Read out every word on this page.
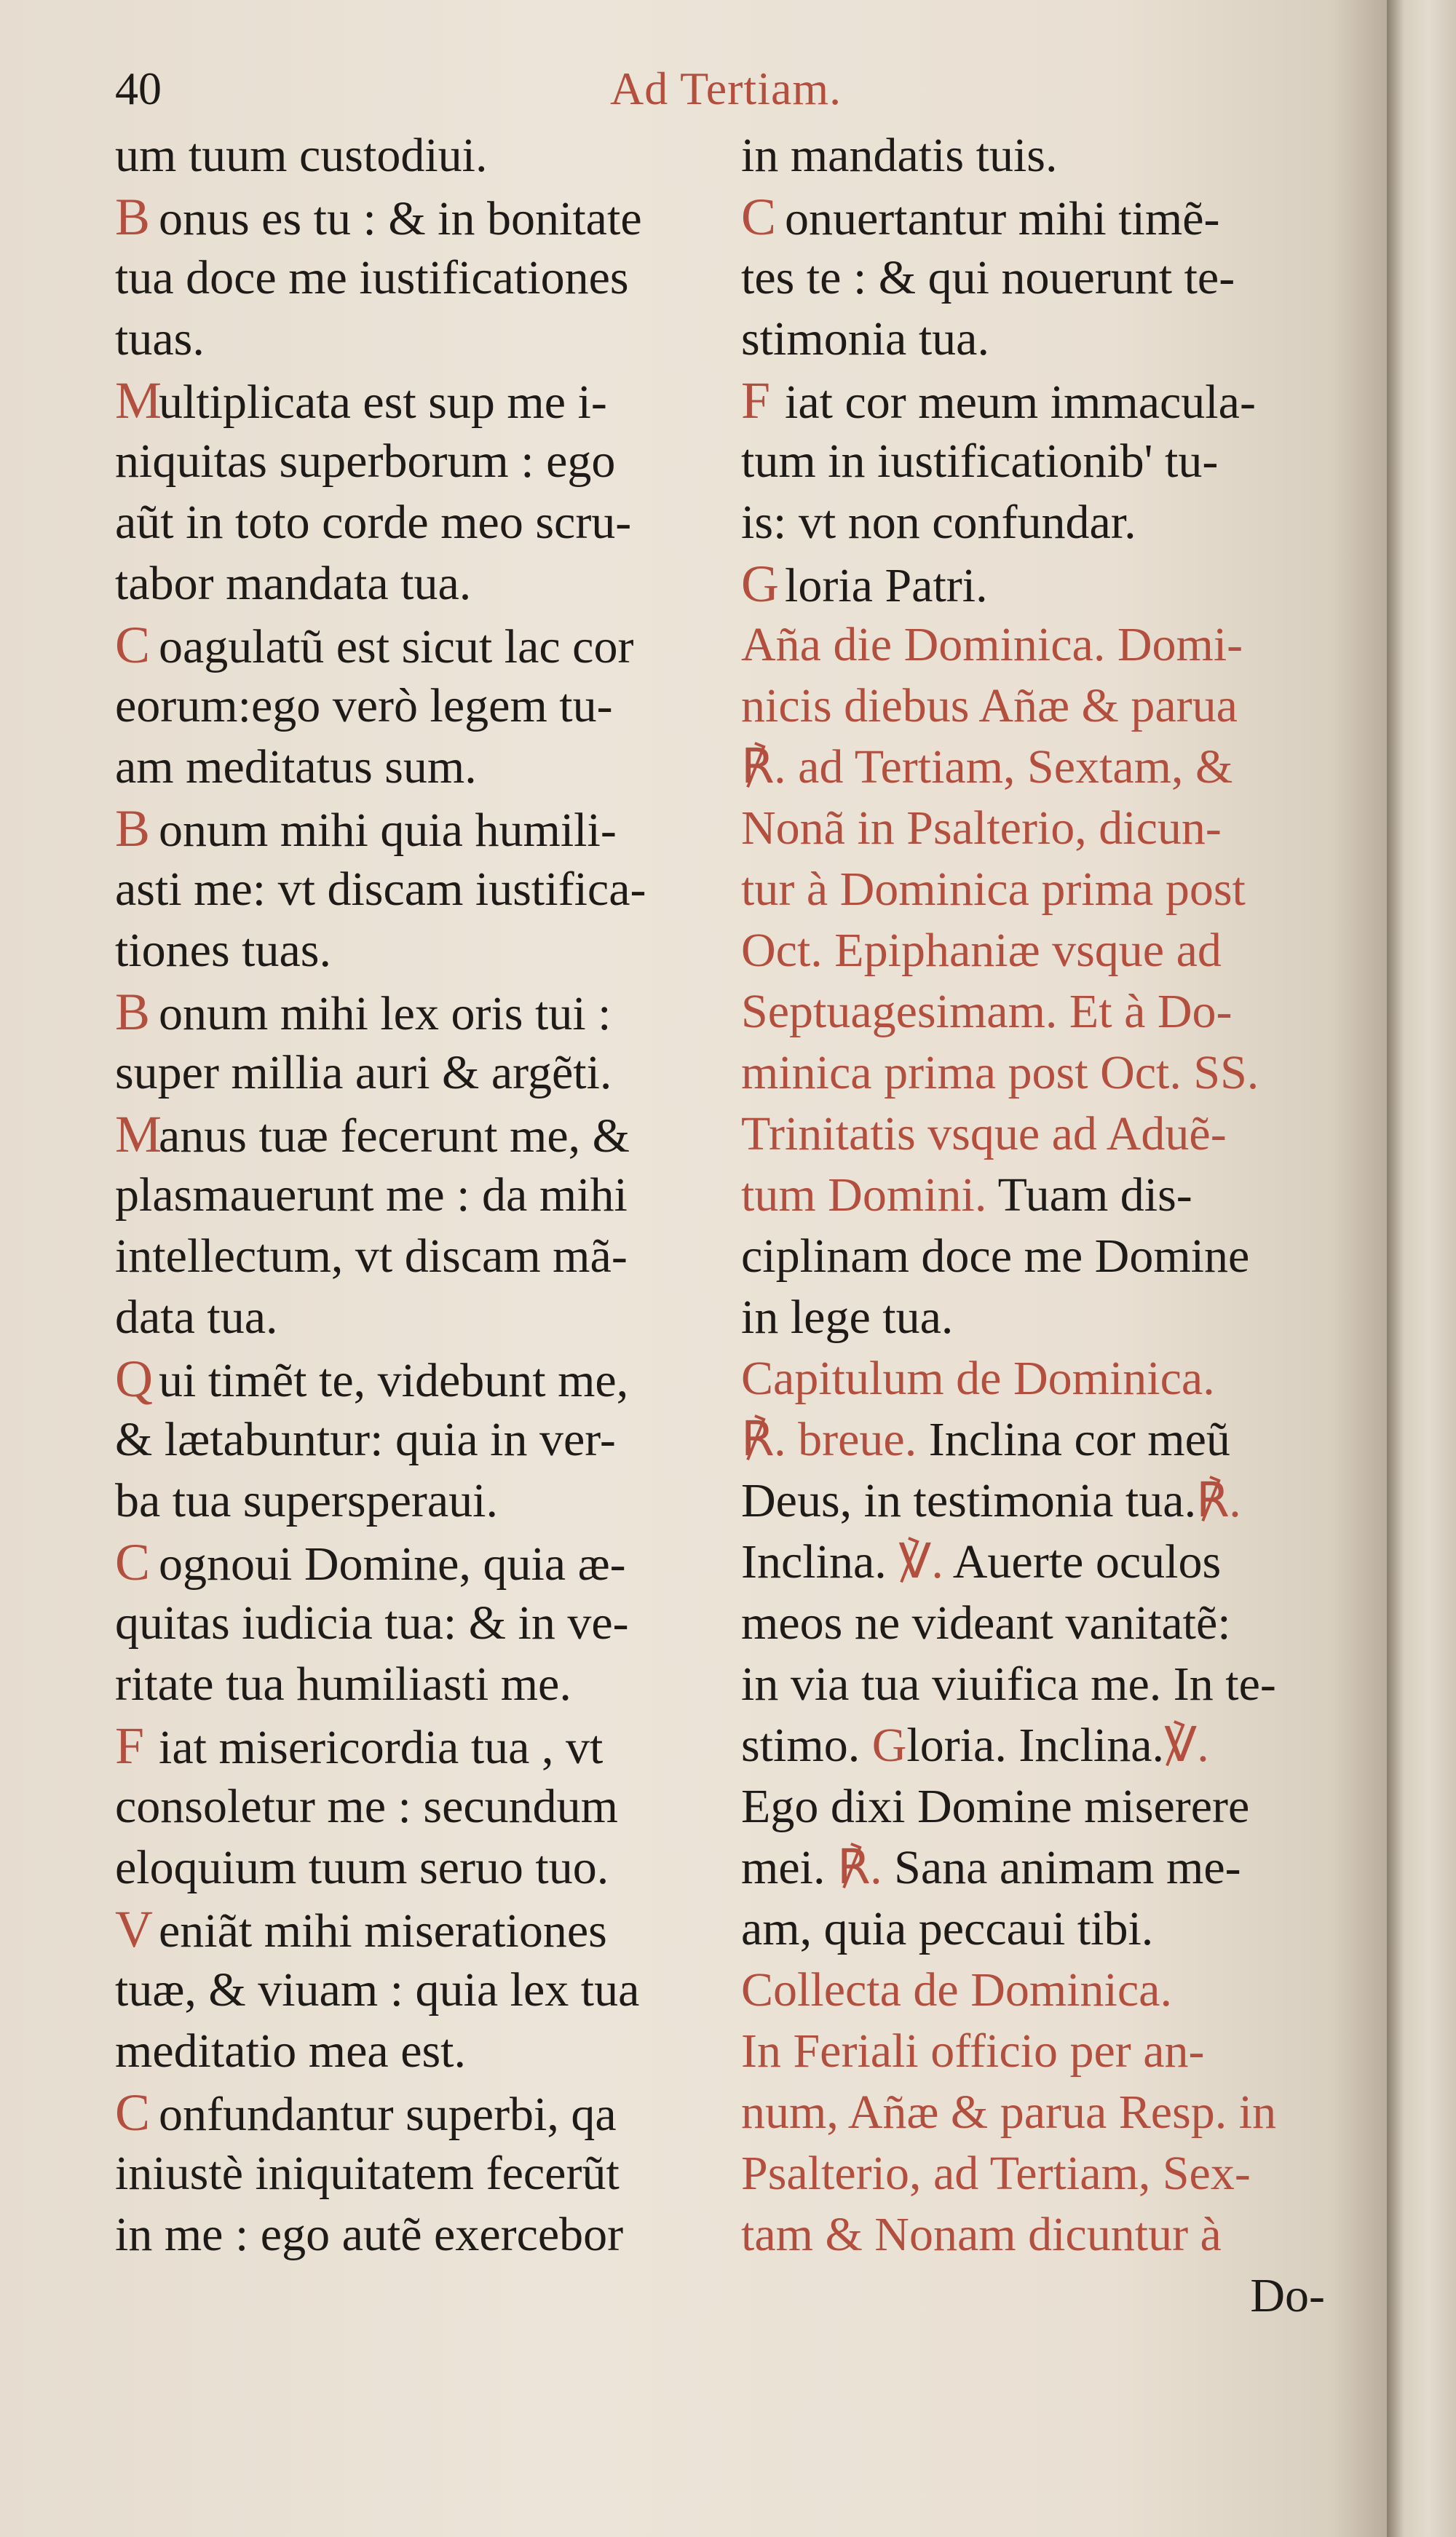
40	Ad Tertiam.
um tuum custodiui.
B onus es tu : & in bonitate
tua doce me iustificationes
tuas.
Multiplicata est sup me i-
niquitas superborum : ego
aũt in toto corde meo scru-
tabor mandata tua.
C oagulatũ est sicut lac cor
eorum:ego verò legem tu-
am meditatus sum.
B onum mihi quia humili-
asti me: vt discam iustifica-
tiones tuas.
B onum mihi lex oris tui :
super millia auri & argẽti.
Manus tuæ fecerunt me, &
plasmauerunt me : da mihi
intellectum, vt discam mã-
data tua.
Q ui timẽt te, videbunt me,
& lætabuntur: quia in ver-
ba tua supersperaui.
C ognoui Domine, quia æ-
quitas iudicia tua: & in ve-
ritate tua humiliasti me.
F iat misericordia tua , vt
consoletur me : secundum
eloquium tuum seruo tuo.
V eniãt mihi miserationes
tuæ, & viuam : quia lex tua
meditatio mea est.
C onfundantur superbi, qa
iniustè iniquitatem fecerũt
in me : ego autẽ exercebor
in mandatis tuis.
C onuertantur mihi timẽ-
tes te : & qui nouerunt te-
stimonia tua.
F iat cor meum immacula-
tum in iustificationib' tu-
is: vt non confundar.
G loria Patri.
Aña die Dominica. Domi-
nicis diebus Añæ & parua
℟. ad Tertiam, Sextam, &
Nonã in Psalterio, dicun-
tur à Dominica prima post
Oct. Epiphaniæ vsque ad
Septuagesimam. Et à Do-
minica prima post Oct. SS.
Trinitatis vsque ad Aduẽ-
tum Domini. Tuam dis-
ciplinam doce me Domine
in lege tua.
Capitulum de Dominica.
℟. breue. Inclina cor meũ
Deus, in testimonia tua.℟.
Inclina. ℣. Auerte oculos
meos ne videant vanitatẽ:
in via tua viuifica me. In te-
stimo. Gloria. Inclina.℣.
Ego dixi Domine miserere
mei. ℟. Sana animam me-
am, quia peccaui tibi.
Collecta de Dominica.
In Feriali officio per an-
num, Añæ & parua Resp. in
Psalterio, ad Tertiam, Sex-
tam & Nonam dicuntur à
Do-
